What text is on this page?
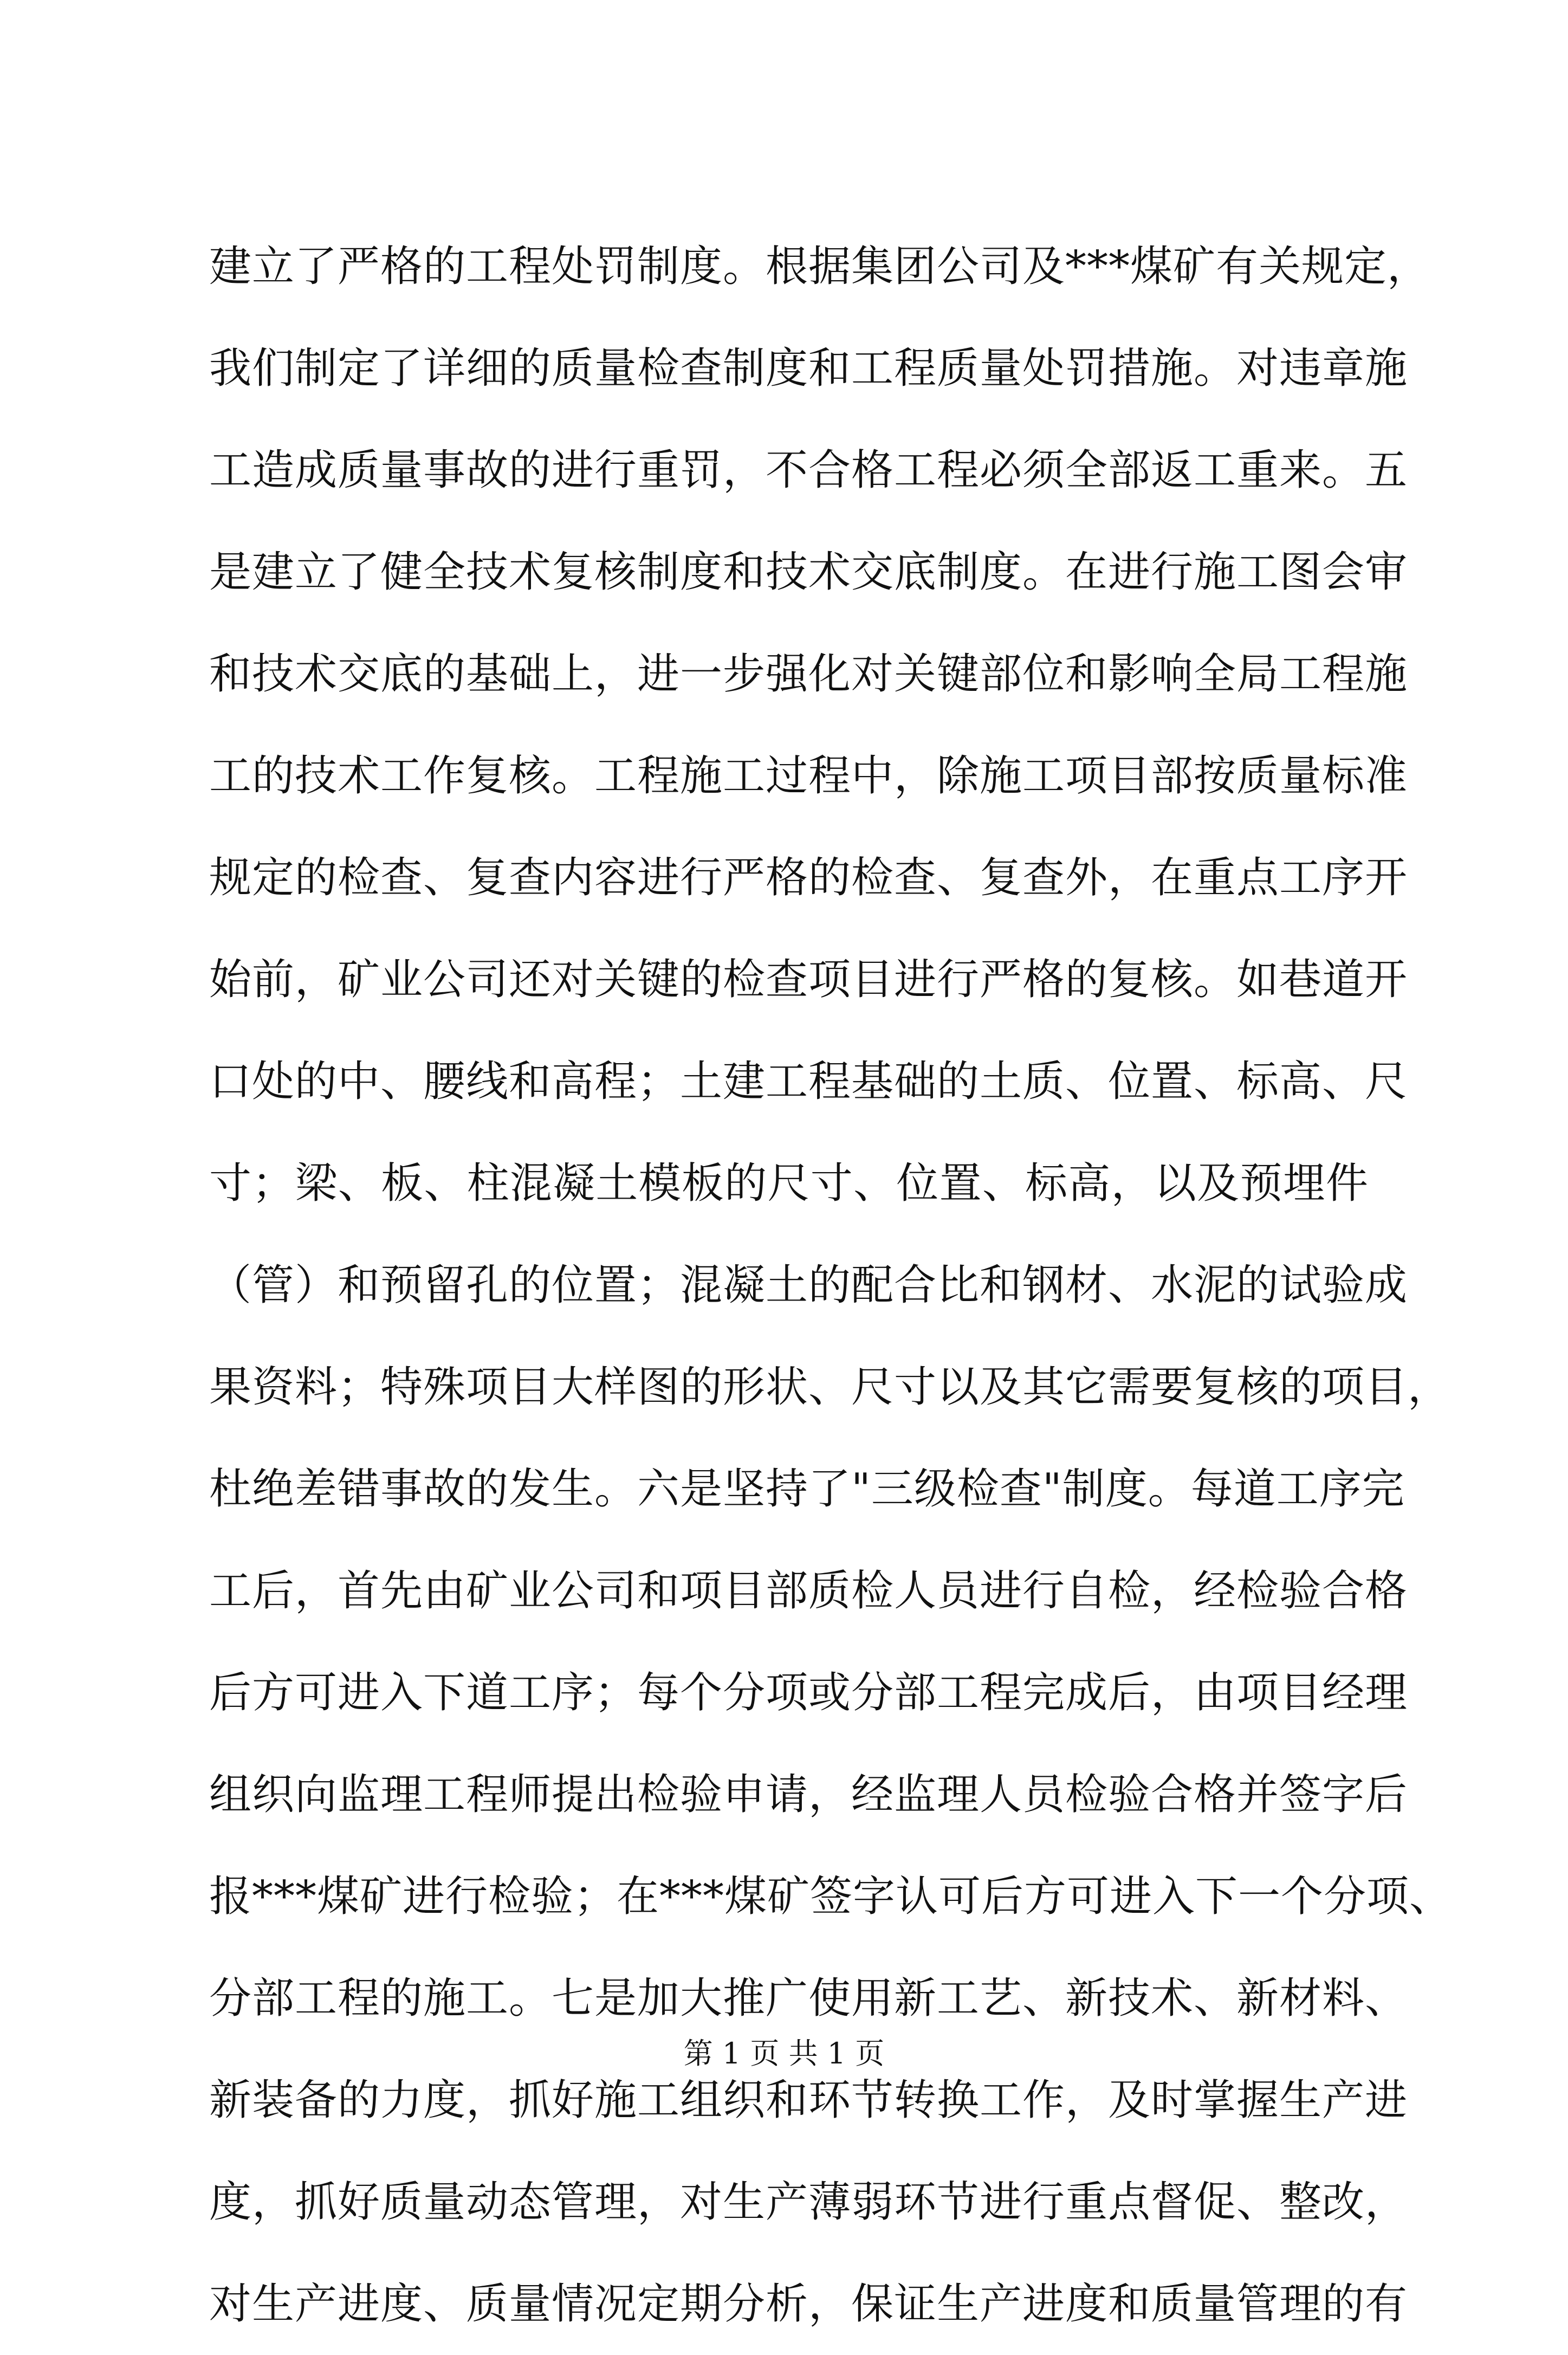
建立了严格的工程处罚制度。根据集团公司及***煤矿有关规定，
我们制定了详细的质量检查制度和工程质量处罚措施。对违章施
工造成质量事故的进行重罚，不合格工程必须全部返工重来。五
是建立了健全技术复核制度和技术交底制度。在进行施工图会审
和技术交底的基础上，进一步强化对关键部位和影响全局工程施
工的技术工作复核。工程施工过程中，除施工项目部按质量标准
规定的检查、复查内容进行严格的检查、复查外，在重点工序开
始前，矿业公司还对关键的检查项目进行严格的复核。如巷道开
口处的中、腰线和高程；土建工程基础的土质、位置、标高、尺
寸；梁、板、柱混凝土模板的尺寸、位置、标高，以及预埋件
（管）和预留孔的位置；混凝土的配合比和钢材、水泥的试验成
果资料；特殊项目大样图的形状、尺寸以及其它需要复核的项目，
杜绝差错事故的发生。六是坚持了"三级检查"制度。每道工序完
工后，首先由矿业公司和项目部质检人员进行自检，经检验合格
后方可进入下道工序；每个分项或分部工程完成后，由项目经理
组织向监理工程师提出检验申请，经监理人员检验合格并签字后
报***煤矿进行检验；在***煤矿签字认可后方可进入下一个分项、
分部工程的施工。七是加大推广使用新工艺、新技术、新材料、
新装备的力度，抓好施工组织和环节转换工作，及时掌握生产进
度，抓好质量动态管理，对生产薄弱环节进行重点督促、整改，
对生产进度、质量情况定期分析，保证生产进度和质量管理的有
第 1 页 共 1 页
